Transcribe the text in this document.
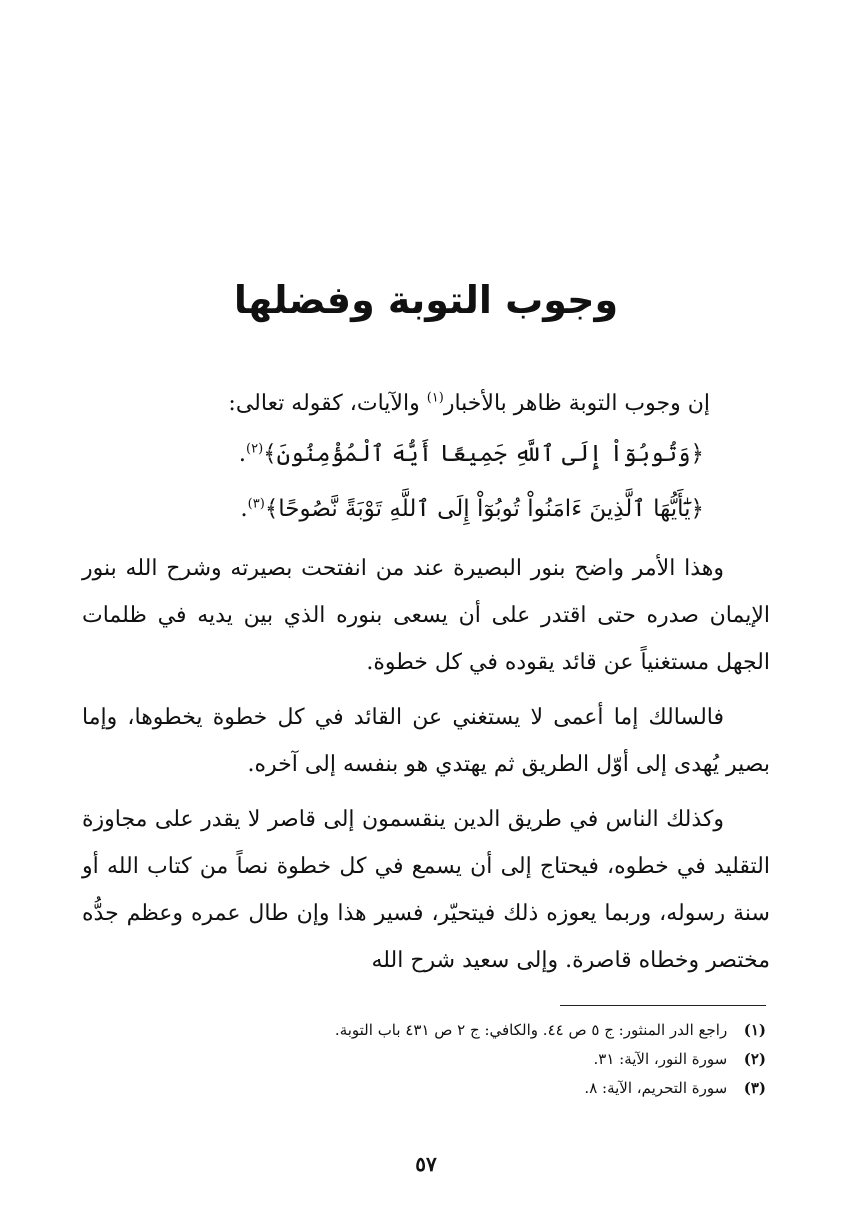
وجوب التوبة وفضلها

إن وجوب التوبة ظاهر بالأخبار$^{(١)}$ والآيات، كقوله تعالى:

﴿وَتُوبُوٓاْ إِلَى ٱللَّهِ جَمِيعًا أَيُّهَ ٱلْمُؤْمِنُونَ﴾$^{(٢)}$.

﴿يَٰٓأَيُّهَا ٱلَّذِينَ ءَامَنُواْ تُوبُوٓاْ إِلَى ٱللَّهِ تَوْبَةً نَّصُوحًا﴾$^{(٣)}$.

وهذا الأمر واضح بنور البصيرة عند من انفتحت بصيرته وشرح الله بنور الإيمان صدره حتى اقتدر على أن يسعى بنوره الذي بين يديه في ظلمات الجهل مستغنياً عن قائد يقوده في كل خطوة.

فالسالك إما أعمى لا يستغني عن القائد في كل خطوة يخطوها، وإما بصير يُهدى إلى أوّل الطريق ثم يهتدي هو بنفسه إلى آخره.

وكذلك الناس في طريق الدين ينقسمون إلى قاصر لا يقدر على مجاوزة التقليد في خطوه، فيحتاج إلى أن يسمع في كل خطوة نصاً من كتاب الله أو سنة رسوله، وربما يعوزه ذلك فيتحيّر، فسير هذا وإن طال عمره وعظم جدُّه مختصر وخطاه قاصرة. وإلى سعيد شرح الله

(١) راجع الدر المنثور: ج ٥ ص ٤٤. والكافي: ج ٢ ص ٤٣١ باب التوبة.

(٢) سورة النور، الآية: ٣١.

(٣) سورة التحريم، الآية: ٨.

٥٧
